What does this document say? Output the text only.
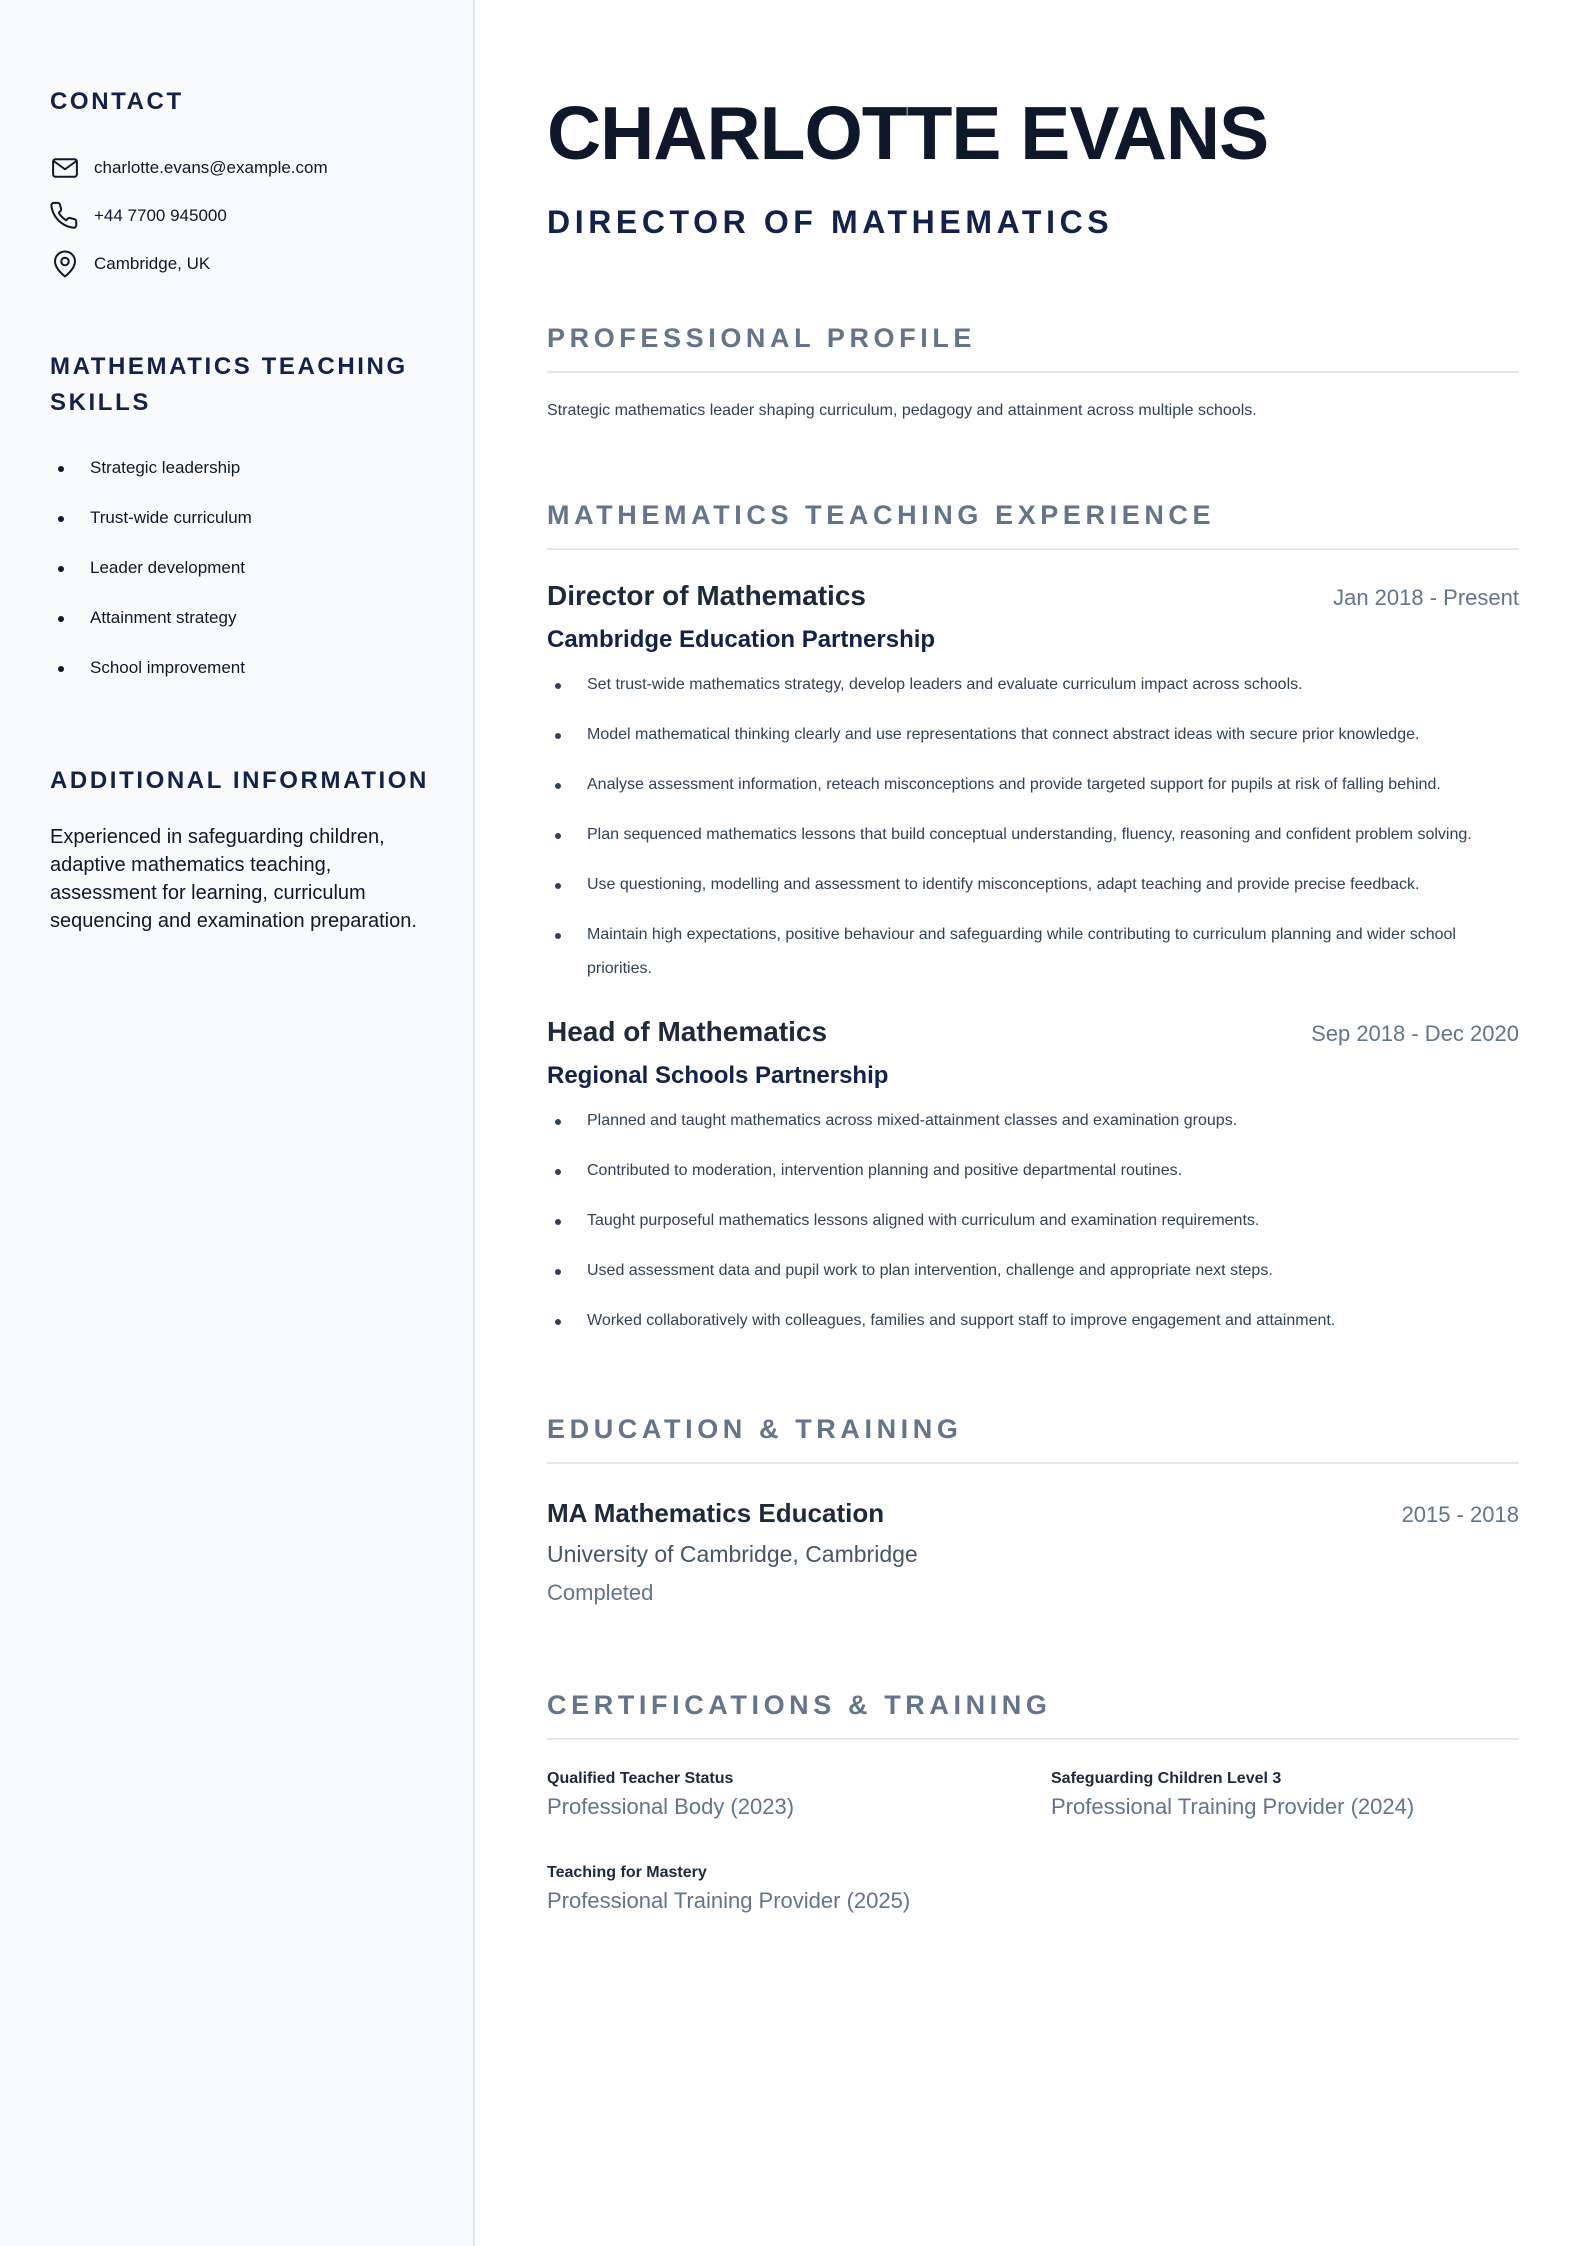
CONTACT
charlotte.evans@example.com
+44 7700 945000
Cambridge, UK
MATHEMATICS TEACHING SKILLS
Strategic leadership
Trust-wide curriculum
Leader development
Attainment strategy
School improvement
ADDITIONAL INFORMATION

Experienced in safeguarding children, adaptive mathematics teaching, assessment for learning, curriculum sequencing and examination preparation.

CHARLOTTE EVANS
DIRECTOR OF MATHEMATICS
PROFESSIONAL PROFILE

Strategic mathematics leader shaping curriculum, pedagogy and attainment across multiple schools.

MATHEMATICS TEACHING EXPERIENCE
Director of Mathematics	Jan 2018 - Present
Cambridge Education Partnership
Set trust-wide mathematics strategy, develop leaders and evaluate curriculum impact across schools.
Model mathematical thinking clearly and use representations that connect abstract ideas with secure prior knowledge.
Analyse assessment information, reteach misconceptions and provide targeted support for pupils at risk of falling behind.
Plan sequenced mathematics lessons that build conceptual understanding, fluency, reasoning and confident problem solving.
Use questioning, modelling and assessment to identify misconceptions, adapt teaching and provide precise feedback.
Maintain high expectations, positive behaviour and safeguarding while contributing to curriculum planning and wider school priorities.
Head of Mathematics	Sep 2018 - Dec 2020
Regional Schools Partnership
Planned and taught mathematics across mixed-attainment classes and examination groups.
Contributed to moderation, intervention planning and positive departmental routines.
Taught purposeful mathematics lessons aligned with curriculum and examination requirements.
Used assessment data and pupil work to plan intervention, challenge and appropriate next steps.
Worked collaboratively with colleagues, families and support staff to improve engagement and attainment.
EDUCATION & TRAINING
MA Mathematics Education	2015 - 2018
University of Cambridge, Cambridge
Completed
CERTIFICATIONS & TRAINING
Qualified Teacher Status
Professional Body (2023)
Safeguarding Children Level 3
Professional Training Provider (2024)
Teaching for Mastery
Professional Training Provider (2025)
